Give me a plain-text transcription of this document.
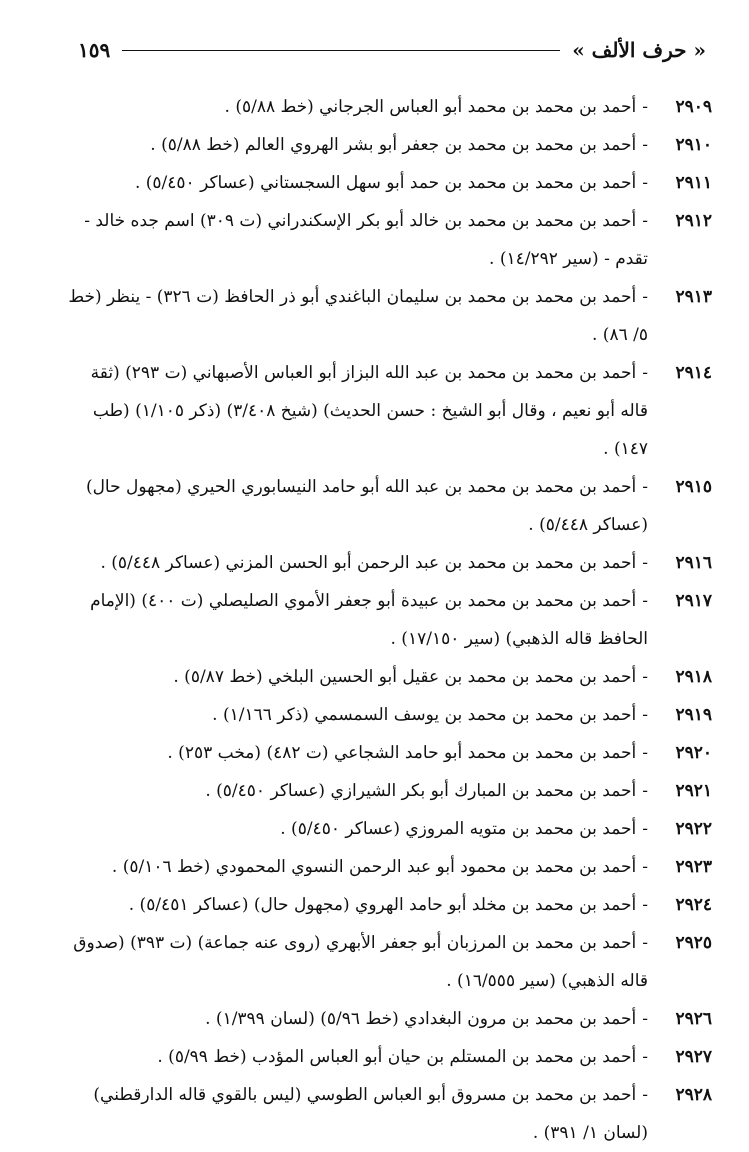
« حرف الألف »
١٥٩
٢٩٠٩
-أحمد بن محمد بن محمد أبو العباس الجرجاني (خط ٥/٨٨) .
٢٩١٠
-أحمد بن محمد بن محمد بن جعفر أبو بشر الهروي العالم (خط ٥/٨٨) .
٢٩١١
-أحمد بن محمد بن محمد بن حمد أبو سهل السجستاني (عساكر ٥/٤٥٠) .
٢٩١٢
-أحمد بن محمد بن محمد بن خالد أبو بكر الإسكندراني (ت ٣٠٩) اسم جده خالد - تقدم - (سير ١٤/٢٩٢) .
٢٩١٣
-أحمد بن محمد بن محمد بن سليمان الباغندي أبو ذر الحافظ (ت ٣٢٦) - ينظر (خط ٥/ ٨٦) .
٢٩١٤
-أحمد بن محمد بن محمد بن عبد الله البزاز أبو العباس الأصبهاني (ت ٢٩٣) (ثقة قاله أبو نعيم ، وقال أبو الشيخ : حسن الحديث) (شيخ ٣/٤٠٨) (ذكر ١/١٠٥) (طب ١٤٧) .
٢٩١٥
-أحمد بن محمد بن محمد بن عبد الله أبو حامد النيسابوري الحيري (مجهول حال) (عساكر ٥/٤٤٨) .
٢٩١٦
-أحمد بن محمد بن محمد بن عبد الرحمن أبو الحسن المزني (عساكر ٥/٤٤٨) .
٢٩١٧
-أحمد بن محمد بن محمد بن عبيدة أبو جعفر الأموي الصليصلي (ت ٤٠٠) (الإمام الحافظ قاله الذهبي) (سير ١٧/١٥٠) .
٢٩١٨
-أحمد بن محمد بن محمد بن عقيل أبو الحسين البلخي (خط ٥/٨٧) .
٢٩١٩
-أحمد بن محمد بن محمد بن يوسف السمسمي (ذكر ١/١٦٦) .
٢٩٢٠
-أحمد بن محمد بن محمد أبو حامد الشجاعي (ت ٤٨٢) (مخب ٢٥٣) .
٢٩٢١
-أحمد بن محمد بن المبارك أبو بكر الشيرازي (عساكر ٥/٤٥٠) .
٢٩٢٢
-أحمد بن محمد بن متويه المروزي (عساكر ٥/٤٥٠) .
٢٩٢٣
-أحمد بن محمد بن محمود أبو عبد الرحمن النسوي المحمودي (خط ٥/١٠٦) .
٢٩٢٤
-أحمد بن محمد بن مخلد أبو حامد الهروي (مجهول حال) (عساكر ٥/٤٥١) .
٢٩٢٥
-أحمد بن محمد بن المرزبان أبو جعفر الأبهري (روى عنه جماعة) (ت ٣٩٣) (صدوق قاله الذهبي) (سير ١٦/٥٥٥) .
٢٩٢٦
-أحمد بن محمد بن مرون البغدادي (خط ٥/٩٦) (لسان ١/٣٩٩) .
٢٩٢٧
-أحمد بن محمد بن المستلم بن حيان أبو العباس المؤدب (خط ٥/٩٩) .
٢٩٢٨
-أحمد بن محمد بن مسروق أبو العباس الطوسي (ليس بالقوي قاله الدارقطني) (لسان ١/ ٣٩١) .
